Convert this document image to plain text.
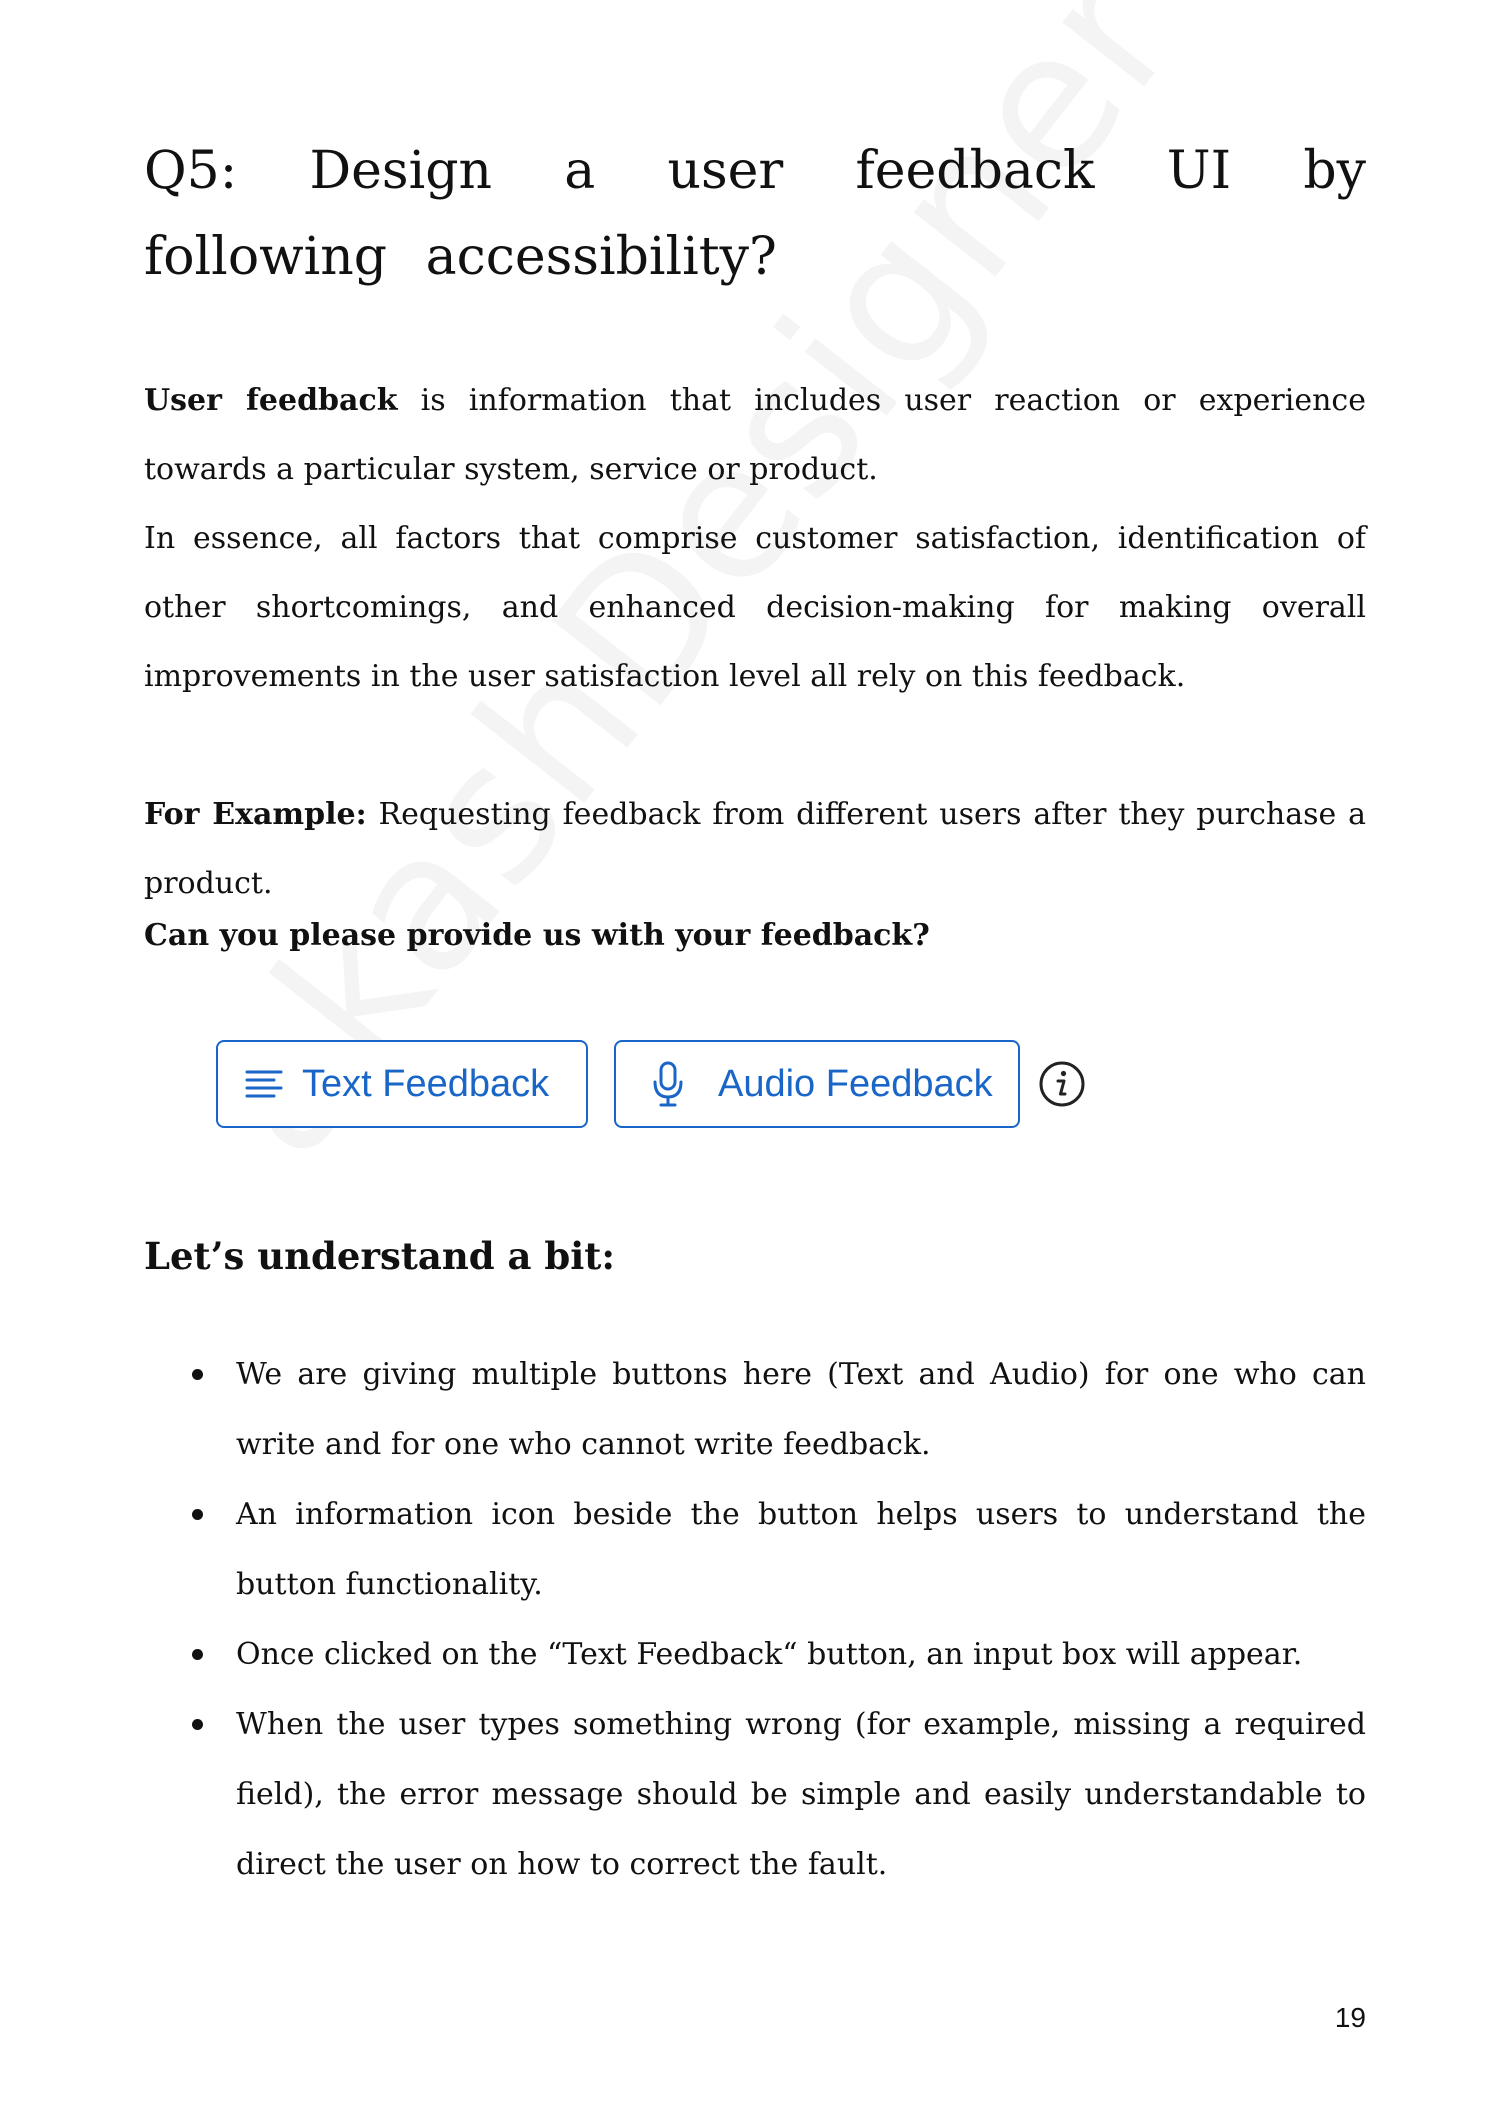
Q5: Design a user feedback UI by following accessibility?

User feedback is information that includes user reaction or experience towards a particular system, service or product.

In essence, all factors that comprise customer satisfaction, identification of other shortcomings, and enhanced decision-making for making overall improvements in the user satisfaction level all rely on this feedback.

For Example: Requesting feedback from different users after they purchase a product.

Can you please provide us with your feedback?

Text Feedback	Audio Feedback
Let’s understand a bit:
We are giving multiple buttons here (Text and Audio) for one who can write and for one who cannot write feedback.
An information icon beside the button helps users to understand the button functionality.
Once clicked on the “Text Feedback“ button, an input box will appear.
When the user types something wrong (for example, missing a required field), the error message should be simple and easily understandable to direct the user on how to correct the fault.
19
